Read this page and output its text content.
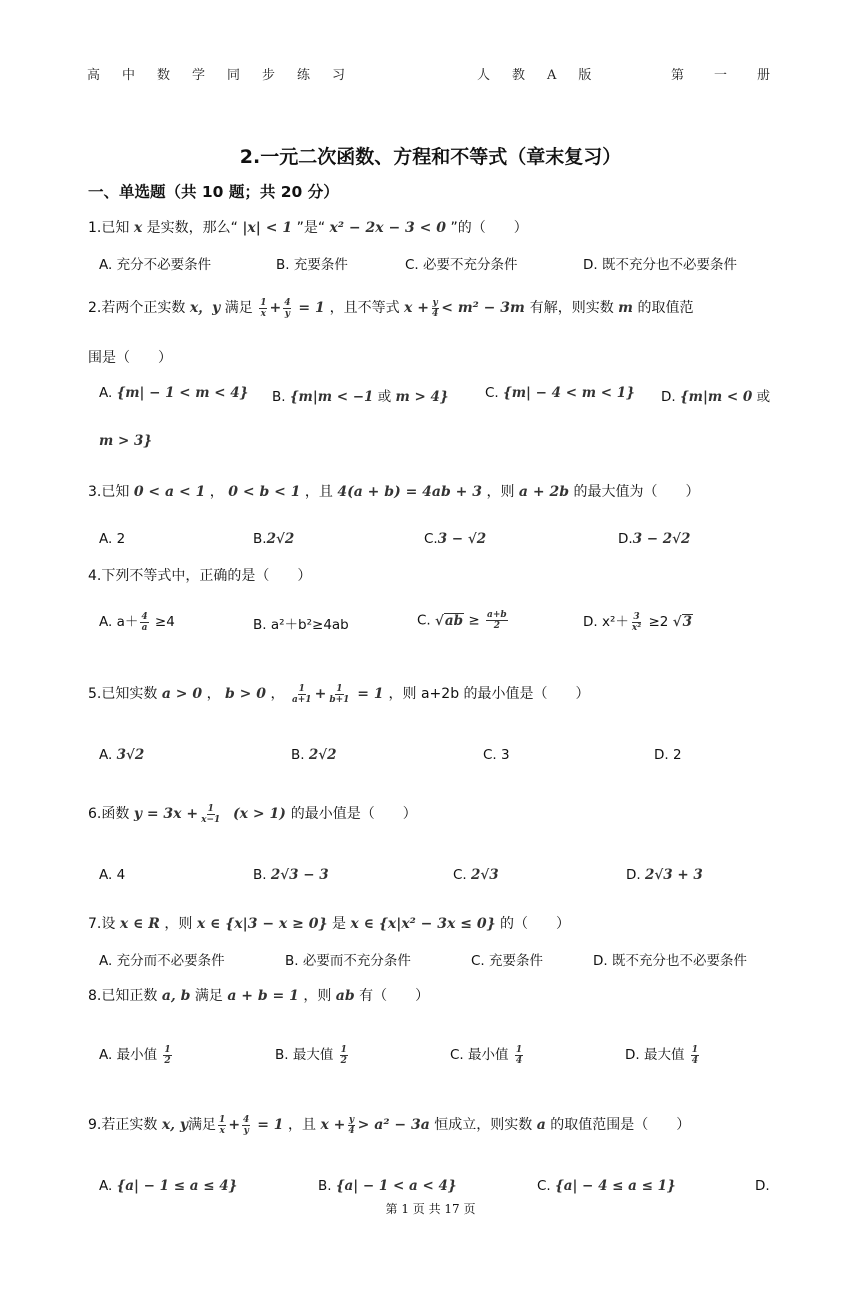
高中数学同步练习	人教A版	第一册
2.一元二次函数、方程和不等式（章末复习）
一、单选题（共 10 题；共 20 分）
1.已知 x 是实数，那么“ |x| < 1 ”是“ x² − 2x − 3 < 0 ”的（　　）
A. 充分不必要条件	B. 充要条件	C. 必要不充分条件	D. 既不充分也不必要条件
2.若两个正实数 x，y 满足 $\frac{1}{x} + \frac{4}{y} = 1$ ，且不等式 $x + \frac{y}{4} < m^2 - 3m$ 有解，则实数 m 的取值范
围是（　　）
A. {m| − 1 < m < 4} B. {m|m < −1 或 m > 4}	C. {m| − 4 < m < 1} D. {m|m < 0 或
m > 3}
3.已知 0 < a < 1 ， 0 < b < 1 ，且 4(a + b) = 4ab + 3 ，则 a + 2b 的最大值为（　　）
A. 2	B.2√2	C.3 − √2	D.3 − 2√2
4.下列不等式中，正确的是（　　）
A. $a+ \frac{4}{a} \ge 4$	B. a²＋b²≥4ab	C. $√ab \ge \frac{a+b}{2}$	D. $x^2+ \frac{3}{\text{x²}} \ge 2$ √3
5.已知实数 a > 0 ， b > 0 ， $\frac{1}{a+1} + \frac{1}{b+1} = 1$ ，则 a+2b 的最小值是（　　）
A. 3√2	B. 2√2	C. 3	D. 2
6.函数 $y = 3x + \frac{1}{x-1} (x > 1)$ 的最小值是（　　）
A. 4	B. 2√3 − 3	C. 2√3	D. 2√3 + 3
7.设 x ∈ R ，则 x ∈ {x|3 − x ≥ 0} 是 x ∈ {x|x² − 3x ≤ 0} 的（　　）
A. 充分而不必要条件	B. 必要而不充分条件	C. 充要条件	D. 既不充分也不必要条件
8.已知正数 a, b 满足 a + b = 1 ，则 ab 有（　　）
A. 最小值 $\frac{1}{2}$	B. 最大值 $\frac{1}{2}$	C. 最小值 $\frac{1}{4}$	D. 最大值 $\frac{1}{4}$
9.若正实数 x, y满足 $\frac{1}{x} + \frac{4}{y} = 1$ ，且 $x + \frac{y}{4} > a^2 - 3a$ 恒成立，则实数 a 的取值范围是（　　）
A. {a| − 1 ≤ a ≤ 4}	B. {a| − 1 < a < 4}	C. {a| − 4 ≤ a ≤ 1}	D.
第 1 页 共 17 页
